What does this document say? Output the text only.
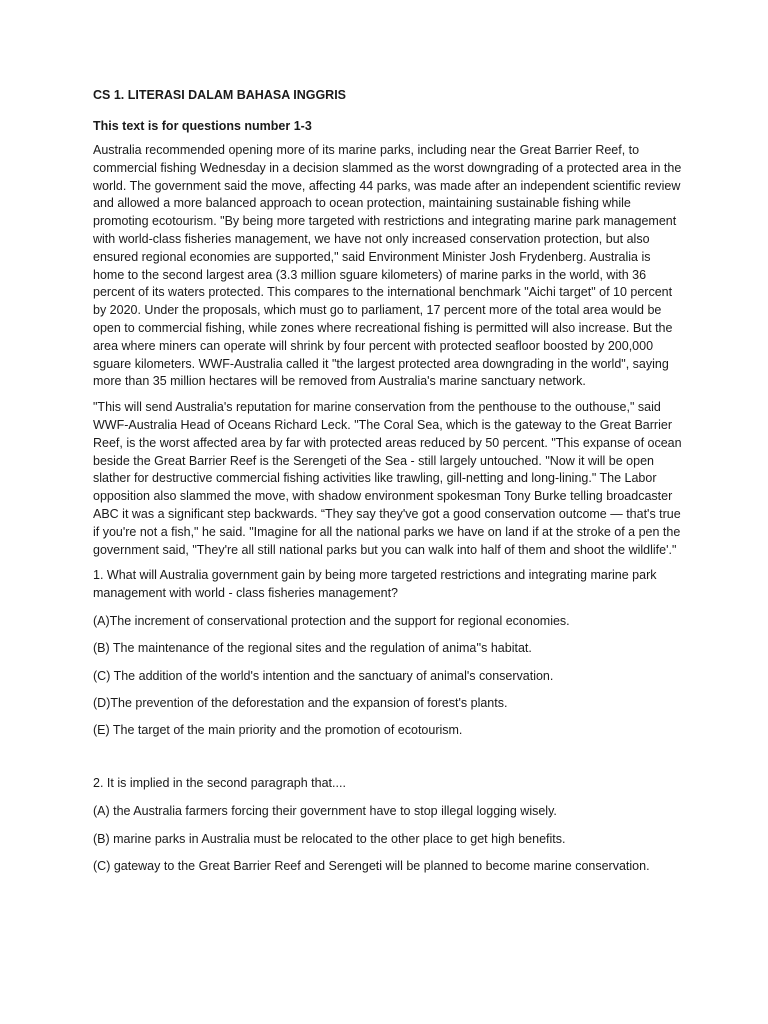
CS 1. LITERASI DALAM BAHASA INGGRIS
This text is for questions number 1-3

Australia recommended opening more of its marine parks, including near the Great Barrier Reef, to commercial fishing Wednesday in a decision slammed as the worst downgrading of a protected area in the world. The government said the move, affecting 44 parks, was made after an independent scientific review and allowed a more balanced approach to ocean protection, maintaining sustainable fishing while promoting ecotourism. "By being more targeted with restrictions and integrating marine park management with world-class fisheries management, we have not only increased conservation protection, but also ensured regional economies are supported," said Environment Minister Josh Frydenberg. Australia is home to the second largest area (3.3 million sguare kilometers) of marine parks in the world, with 36 percent of its waters protected. This compares to the international benchmark "Aichi target" of 10 percent by 2020. Under the proposals, which must go to parliament, 17 percent more of the total area would be open to commercial fishing, while zones where recreational fishing is permitted will also increase. But the area where miners can operate will shrink by four percent with protected seafloor boosted by 200,000 sguare kilometers. WWF-Australia called it "the largest protected area downgrading in the world", saying more than 35 million hectares will be removed from Australia's marine sanctuary network.

"This will send Australia's reputation for marine conservation from the penthouse to the outhouse," said WWF-Australia Head of Oceans Richard Leck. "The Coral Sea, which is the gateway to the Great Barrier Reef, is the worst affected area by far with protected areas reduced by 50 percent. "This expanse of ocean beside the Great Barrier Reef is the Serengeti of the Sea - still largely untouched. "Now it will be open slather for destructive commercial fishing activities like trawling, gill-netting and long-lining." The Labor opposition also slammed the move, with shadow environment spokesman Tony Burke telling broadcaster ABC it was a significant step backwards. “They say they've got a good conservation outcome — that's true if you're not a fish," he said. "Imagine for all the national parks we have on land if at the stroke of a pen the government said, "They're all still national parks but you can walk into half of them and shoot the wildlife'."

1. What will Australia government gain by being more targeted restrictions and integrating marine park management with world - class fisheries management?
(A)The increment of conservational protection and the support for regional economies.
(B) The maintenance of the regional sites and the regulation of anima''s habitat.
(C) The addition of the world's intention and the sanctuary of animal's conservation.
(D)The prevention of the deforestation and the expansion of forest's plants.
(E) The target of the main priority and the promotion of ecotourism.
2. It is implied in the second paragraph that....
(A) the Australia farmers forcing their government have to stop illegal logging wisely.
(B) marine parks in Australia must be relocated to the other place to get high benefits.
(C) gateway to the Great Barrier Reef and Serengeti will be planned to become marine conservation.
